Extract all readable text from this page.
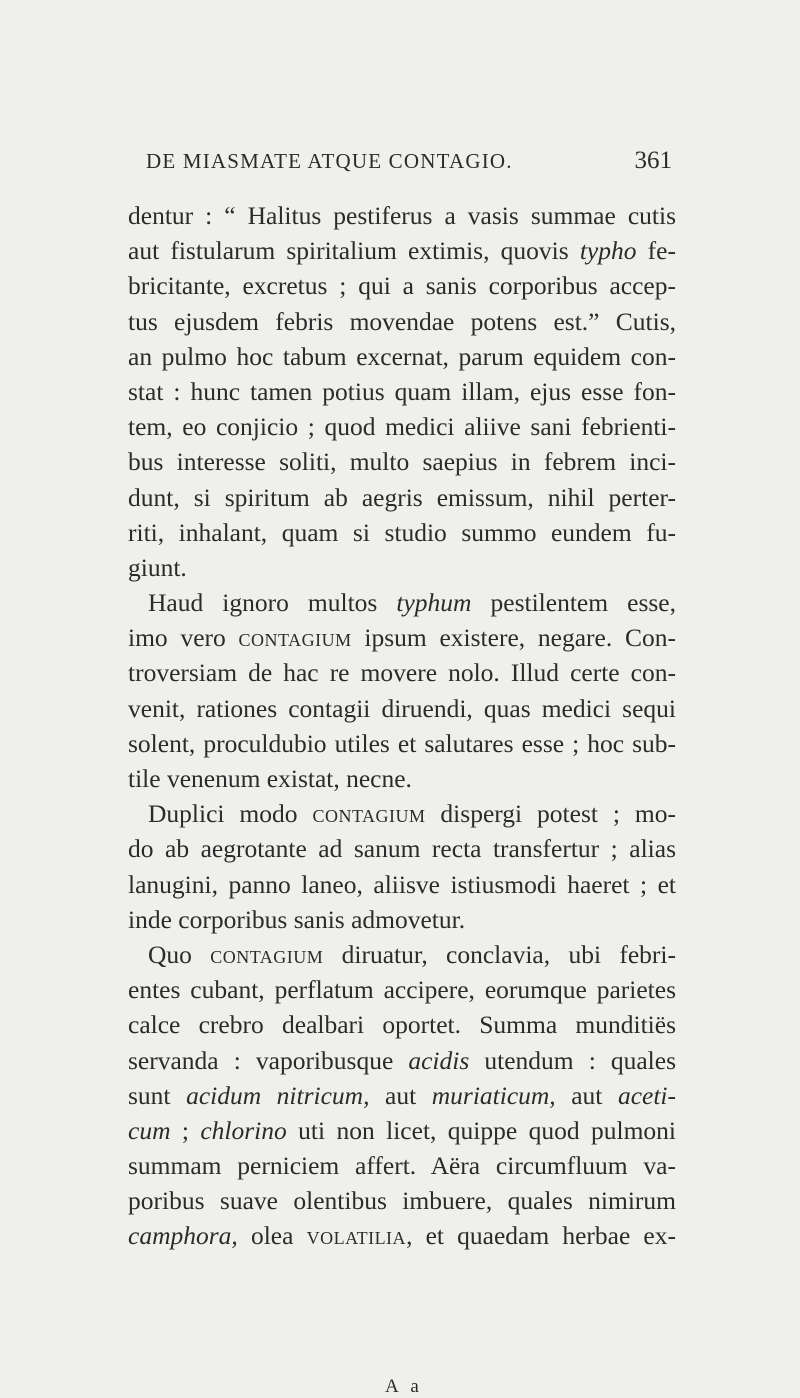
DE MIASMATE ATQUE CONTAGIO.	361
dentur : “ Halitus pestiferus a vasis summae cutis
aut fistularum spiritalium extimis, quovis typho fe-
bricitante, excretus ; qui a sanis corporibus accep-
tus ejusdem febris movendae potens est.” Cutis,
an pulmo hoc tabum excernat, parum equidem con-
stat : hunc tamen potius quam illam, ejus esse fon-
tem, eo conjicio ; quod medici aliive sani febrienti-
bus interesse soliti, multo saepius in febrem inci-
dunt, si spiritum ab aegris emissum, nihil perter-
riti, inhalant, quam si studio summo eundem fu-
giunt.
Haud ignoro multos typhum pestilentem esse,
imo vero contagium ipsum existere, negare. Con-
troversiam de hac re movere nolo. Illud certe con-
venit, rationes contagii diruendi, quas medici sequi
solent, proculdubio utiles et salutares esse ; hoc sub-
tile venenum existat, necne.
Duplici modo contagium dispergi potest ; mo-
do ab aegrotante ad sanum recta transfertur ; alias
lanugini, panno laneo, aliisve istiusmodi haeret ; et
inde corporibus sanis admovetur.
Quo contagium diruatur, conclavia, ubi febri-
entes cubant, perflatum accipere, eorumque parietes
calce crebro dealbari oportet. Summa munditiës
servanda : vaporibusque acidis utendum : quales
sunt acidum nitricum, aut muriaticum, aut aceti-
cum ; chlorino uti non licet, quippe quod pulmoni
summam perniciem affert. Aëra circumfluum va-
poribus suave olentibus imbuere, quales nimirum
camphora, olea volatilia, et quaedam herbae ex-
A a
